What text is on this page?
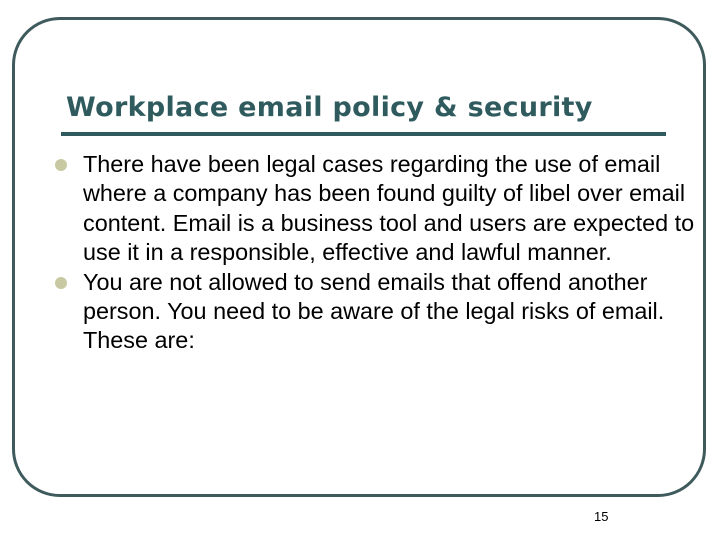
Workplace email policy & security
There have been legal cases regarding the use of email where a company has been found guilty of libel over email content. Email is a business tool and users are expected to use it in a responsible, effective and lawful manner.
You are not allowed to send emails that offend another person. You need to be aware of the legal risks of email. These are:
15
